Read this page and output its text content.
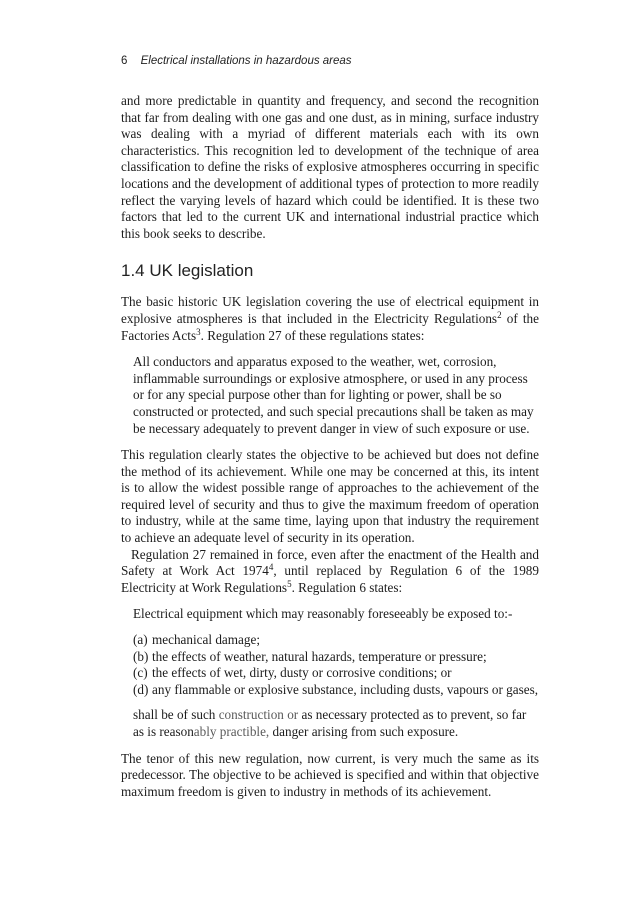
6 Electrical installations in hazardous areas

and more predictable in quantity and frequency, and second the recognition that far from dealing with one gas and one dust, as in mining, surface industry was dealing with a myriad of different materials each with its own characteristics. This recognition led to development of the technique of area classification to define the risks of explosive atmospheres occurring in specific locations and the development of additional types of protection to more readily reflect the varying levels of hazard which could be identified. It is these two factors that led to the current UK and international industrial practice which this book seeks to describe.

1.4 UK legislation

The basic historic UK legislation covering the use of electrical equipment in explosive atmospheres is that included in the Electricity Regulations$^2$ of the Factories Acts$^3$. Regulation 27 of these regulations states:

All conductors and apparatus exposed to the weather, wet, corrosion, inflammable surroundings or explosive atmosphere, or used in any process or for any special purpose other than for lighting or power, shall be so constructed or protected, and such special precautions shall be taken as may be necessary adequately to prevent danger in view of such exposure or use.

This regulation clearly states the objective to be achieved but does not define the method of its achievement. While one may be concerned at this, its intent is to allow the widest possible range of approaches to the achievement of the required level of security and thus to give the maximum freedom of operation to industry, while at the same time, laying upon that industry the requirement to achieve an adequate level of security in its operation.

Regulation 27 remained in force, even after the enactment of the Health and Safety at Work Act 1974$^4$, until replaced by Regulation 6 of the 1989 Electricity at Work Regulations$^5$. Regulation 6 states:

Electrical equipment which may reasonably foreseeably be exposed to:-

(a) mechanical damage;
(b) the effects of weather, natural hazards, temperature or pressure;
(c) the effects of wet, dirty, dusty or corrosive conditions; or
(d) any flammable or explosive substance, including dusts, vapours or gases,

shall be of such construction or as necessary protected as to prevent, so far as is reasonably practible, danger arising from such exposure.

The tenor of this new regulation, now current, is very much the same as its predecessor. The objective to be achieved is specified and within that objective maximum freedom is given to industry in methods of its achievement.
